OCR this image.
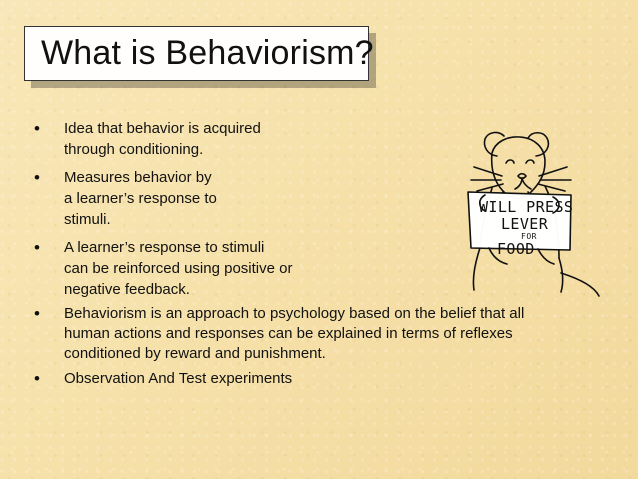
What is Behaviorism?
• Idea that behavior is acquired
through conditioning.
• Measures behavior by
a learner’s response to
stimuli.
• A learner’s response to stimuli
can be reinforced using positive or
negative feedback.
• Behaviorism is an approach to psychology based on the belief that all
human actions and responses can be explained in terms of reflexes
conditioned by reward and punishment.
• Observation And Test experiments
WILL PRESS
LEVER
FOR
FOOD
